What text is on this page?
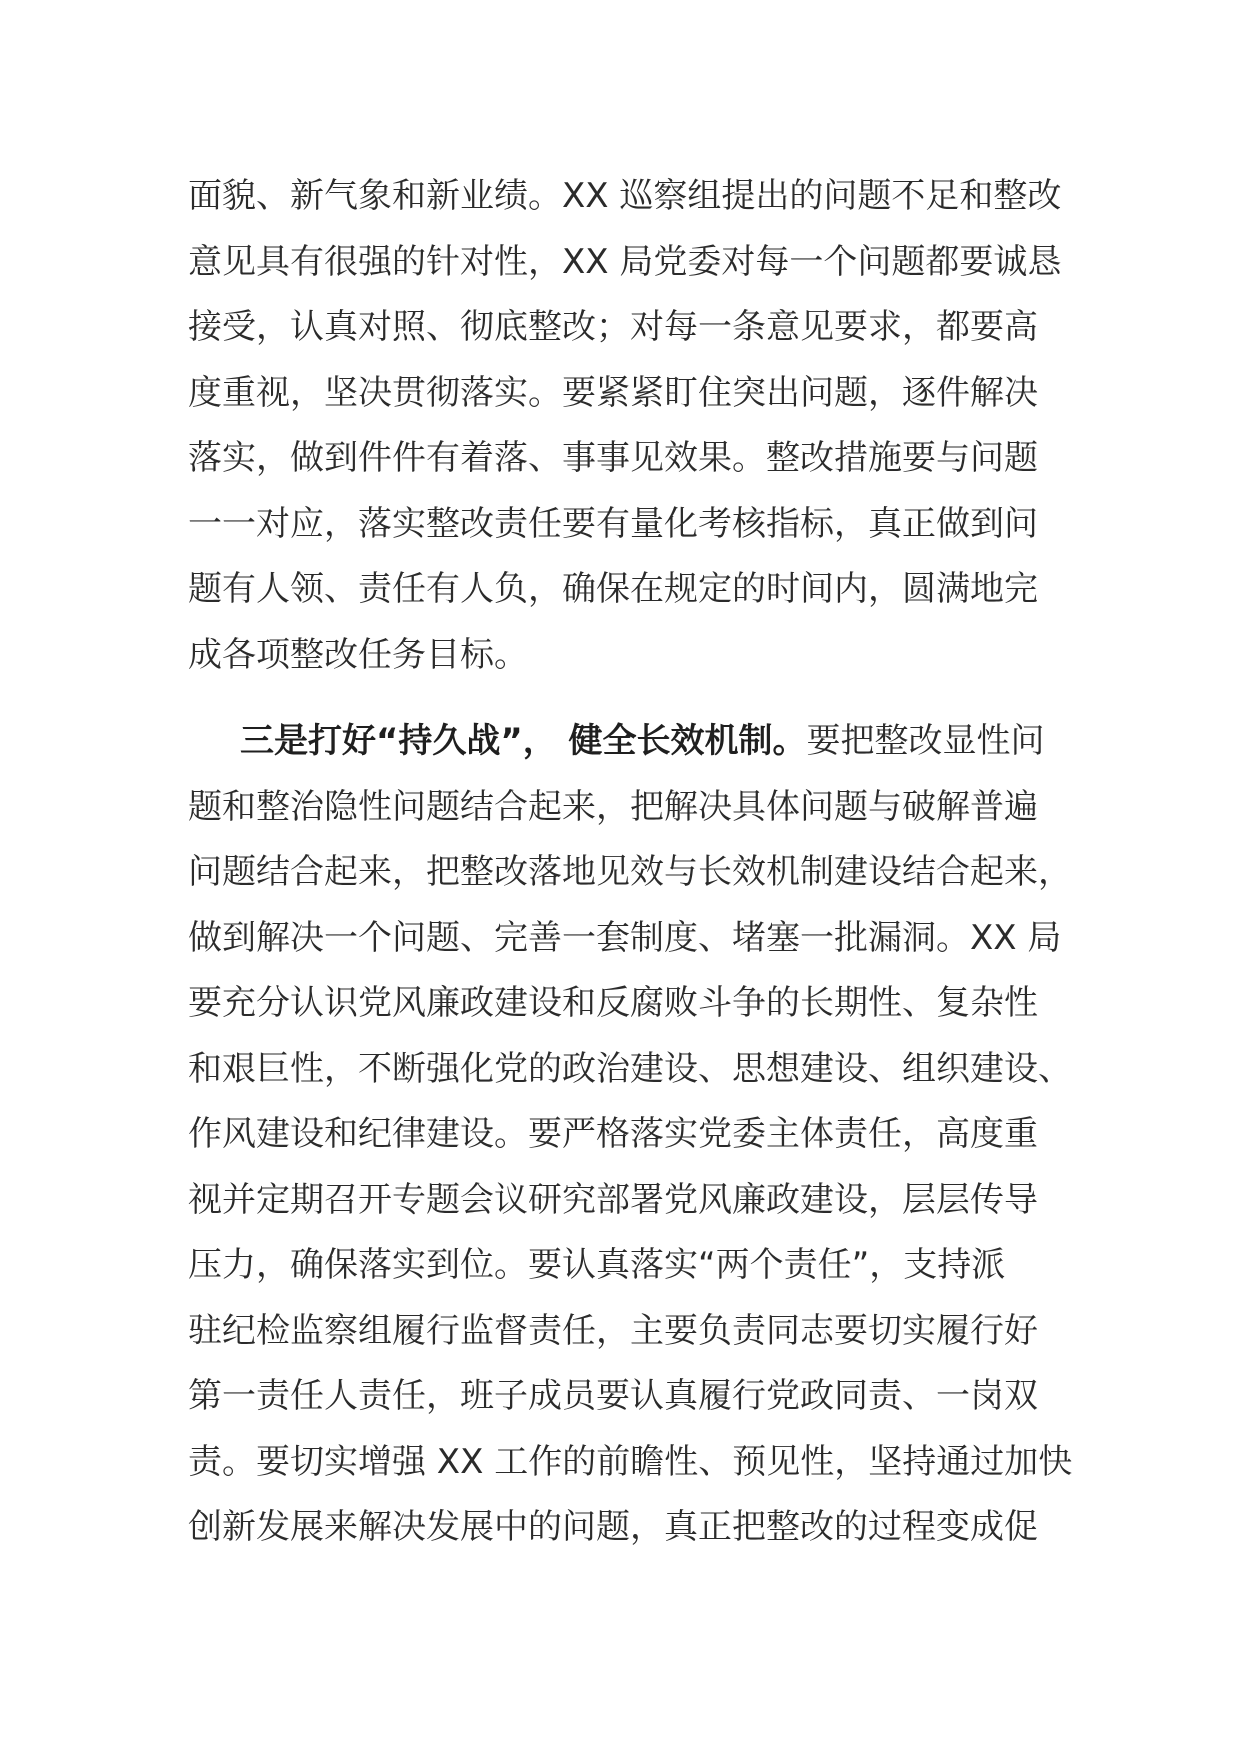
面貌、新气象和新业绩。XX 巡察组提出的问题不足和整改
意见具有很强的针对性，XX 局党委对每一个问题都要诚恳
接受，认真对照、彻底整改；对每一条意见要求，都要高
度重视，坚决贯彻落实。要紧紧盯住突出问题，逐件解决
落实，做到件件有着落、事事见效果。整改措施要与问题
一一对应，落实整改责任要有量化考核指标，真正做到问
题有人领、责任有人负，确保在规定的时间内，圆满地完
成各项整改任务目标。
三是打好“持久战”， 健全长效机制。要把整改显性问
题和整治隐性问题结合起来，把解决具体问题与破解普遍
问题结合起来，把整改落地见效与长效机制建设结合起来，
做到解决一个问题、完善一套制度、堵塞一批漏洞。XX 局
要充分认识党风廉政建设和反腐败斗争的长期性、复杂性
和艰巨性，不断强化党的政治建设、思想建设、组织建设、
作风建设和纪律建设。要严格落实党委主体责任，高度重
视并定期召开专题会议研究部署党风廉政建设，层层传导
压力，确保落实到位。要认真落实“两个责任”，支持派
驻纪检监察组履行监督责任，主要负责同志要切实履行好
第一责任人责任，班子成员要认真履行党政同责、一岗双
责。要切实增强 XX 工作的前瞻性、预见性，坚持通过加快
创新发展来解决发展中的问题，真正把整改的过程变成促
